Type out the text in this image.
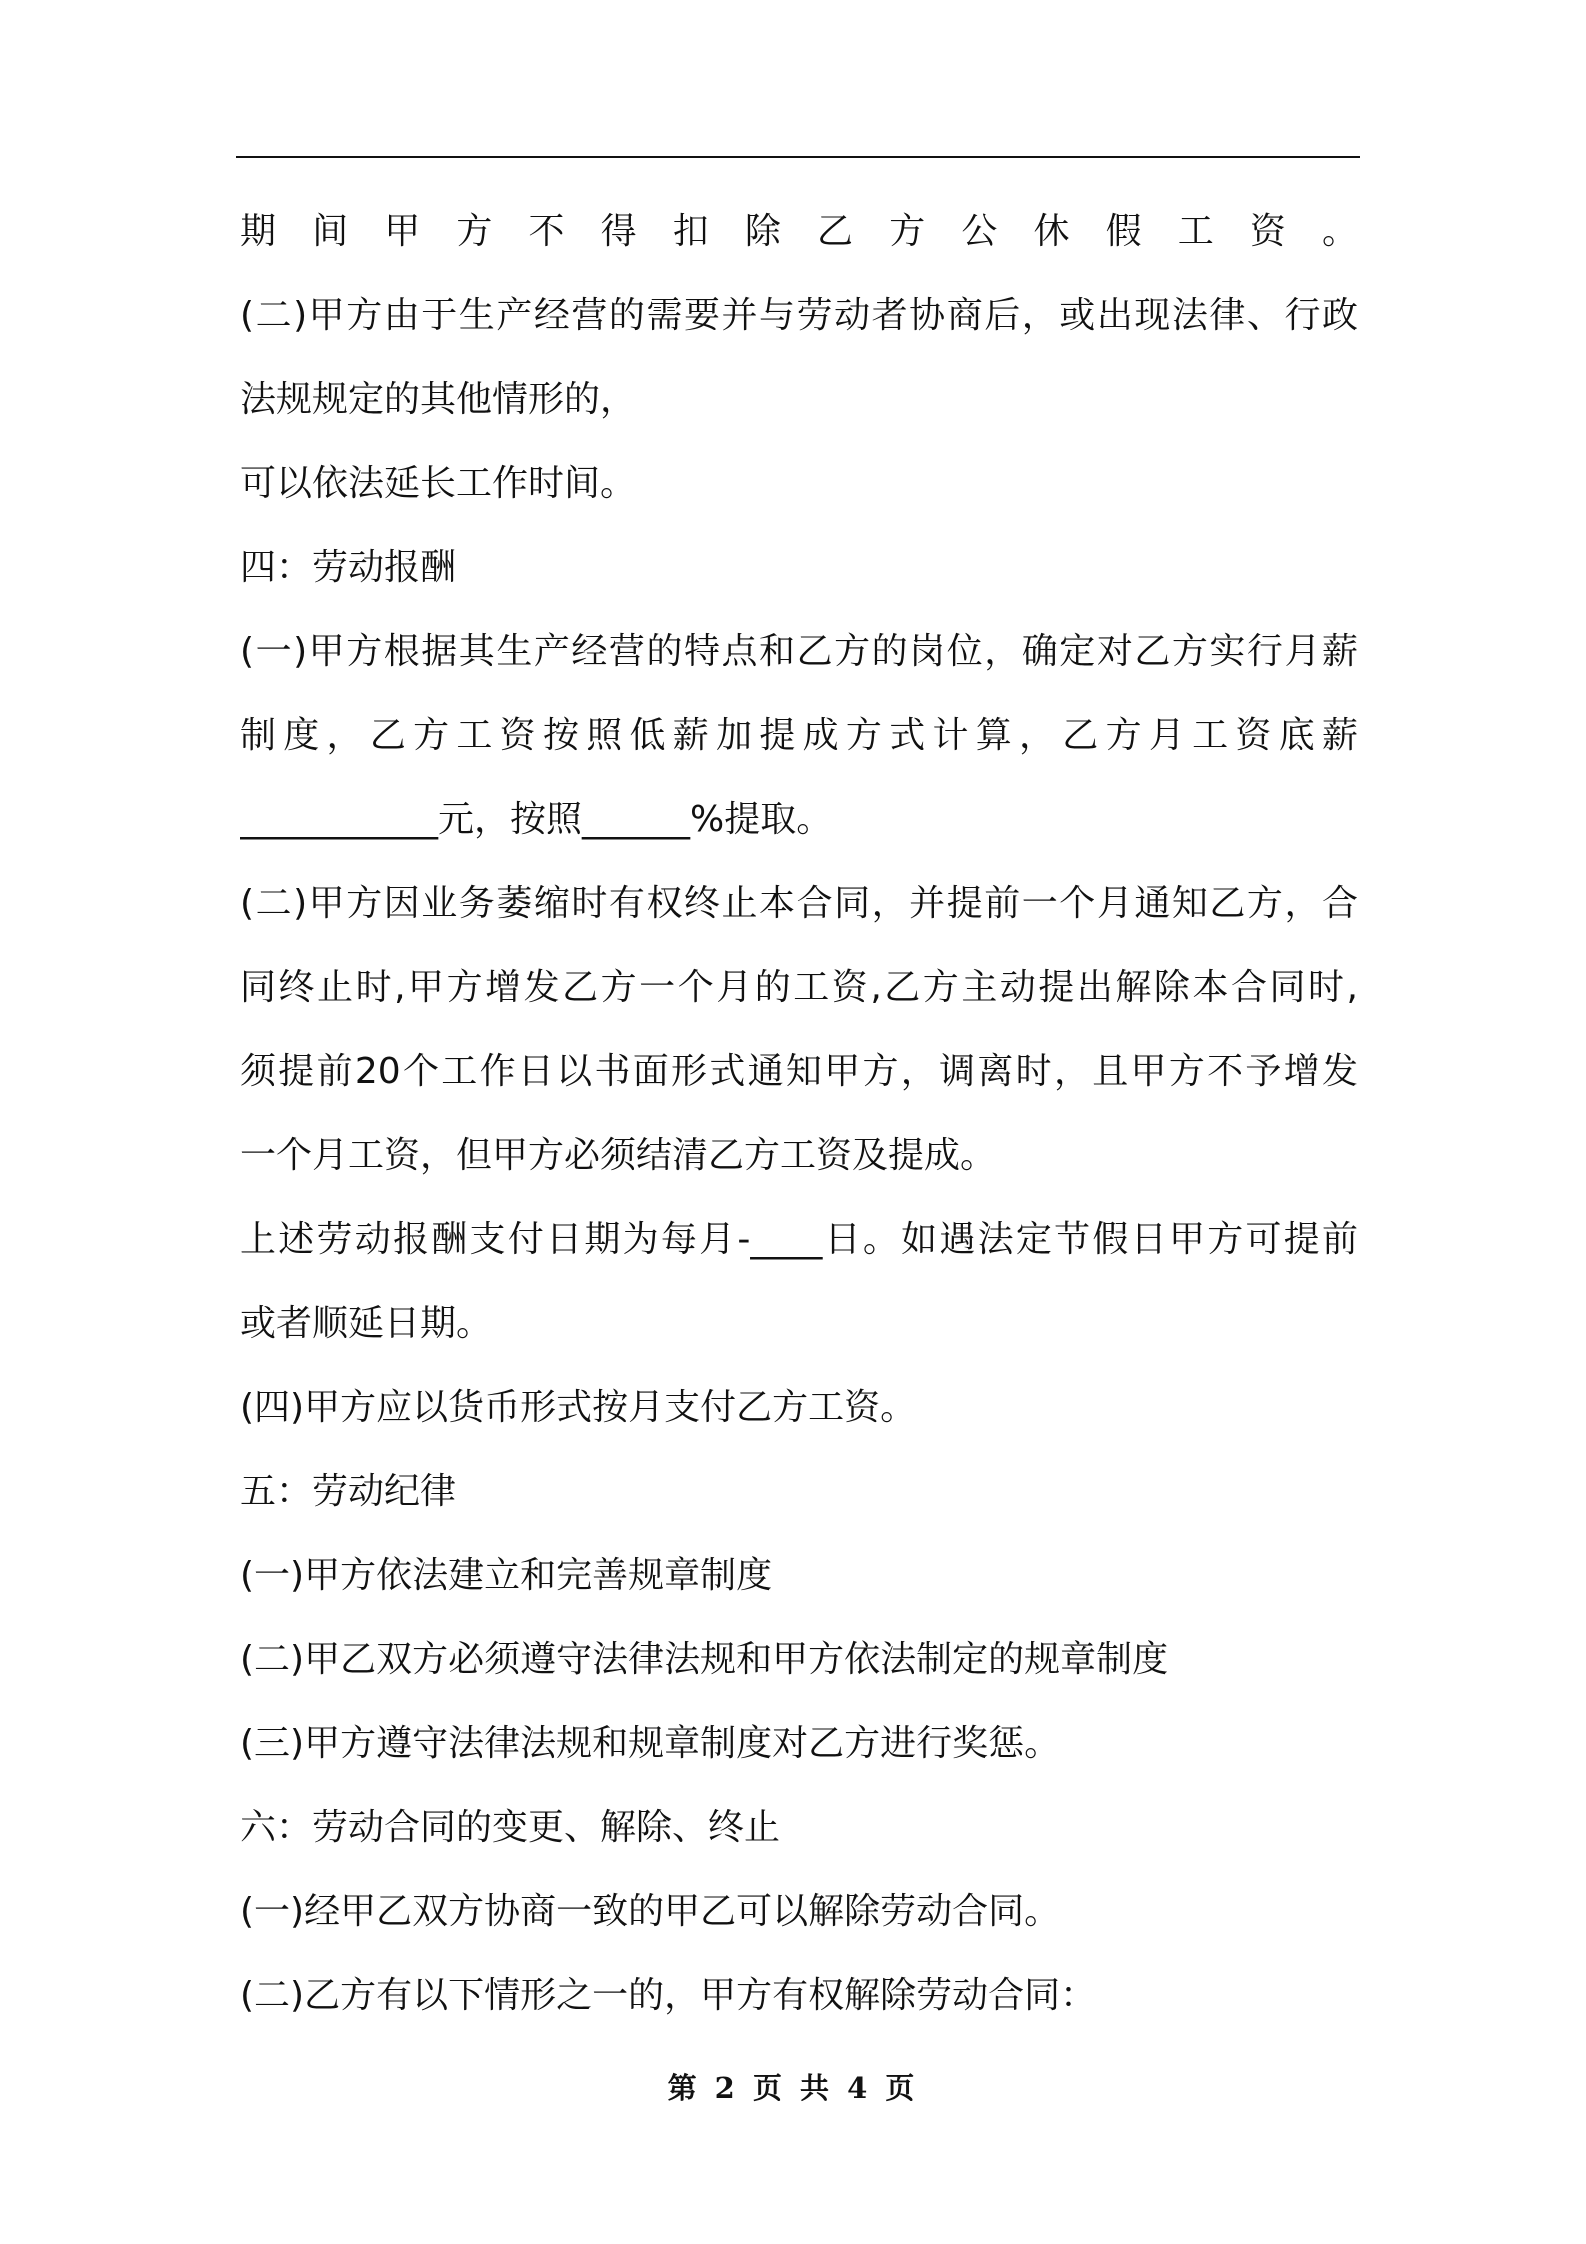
期间甲方不得扣除乙方公休假工资。
(二)甲方由于生产经营的需要并与劳动者协商后，或出现法律、行政
法规规定的其他情形的，
可以依法延长工作时间。
四：劳动报酬
(一)甲方根据其生产经营的特点和乙方的岗位，确定对乙方实行月薪
制度，乙方工资按照低薪加提成方式计算，乙方月工资底薪
___________元，按照______%提取。
(二)甲方因业务萎缩时有权终止本合同，并提前一个月通知乙方，合
同终止时,甲方增发乙方一个月的工资,乙方主动提出解除本合同时,
须提前20个工作日以书面形式通知甲方，调离时，且甲方不予增发
一个月工资，但甲方必须结清乙方工资及提成。
上述劳动报酬支付日期为每月-____日。如遇法定节假日甲方可提前
或者顺延日期。
(四)甲方应以货币形式按月支付乙方工资。
五：劳动纪律
(一)甲方依法建立和完善规章制度
(二)甲乙双方必须遵守法律法规和甲方依法制定的规章制度
(三)甲方遵守法律法规和规章制度对乙方进行奖惩。
六：劳动合同的变更、解除、终止
(一)经甲乙双方协商一致的甲乙可以解除劳动合同。
(二)乙方有以下情形之一的，甲方有权解除劳动合同：
第 2 页 共 4 页
